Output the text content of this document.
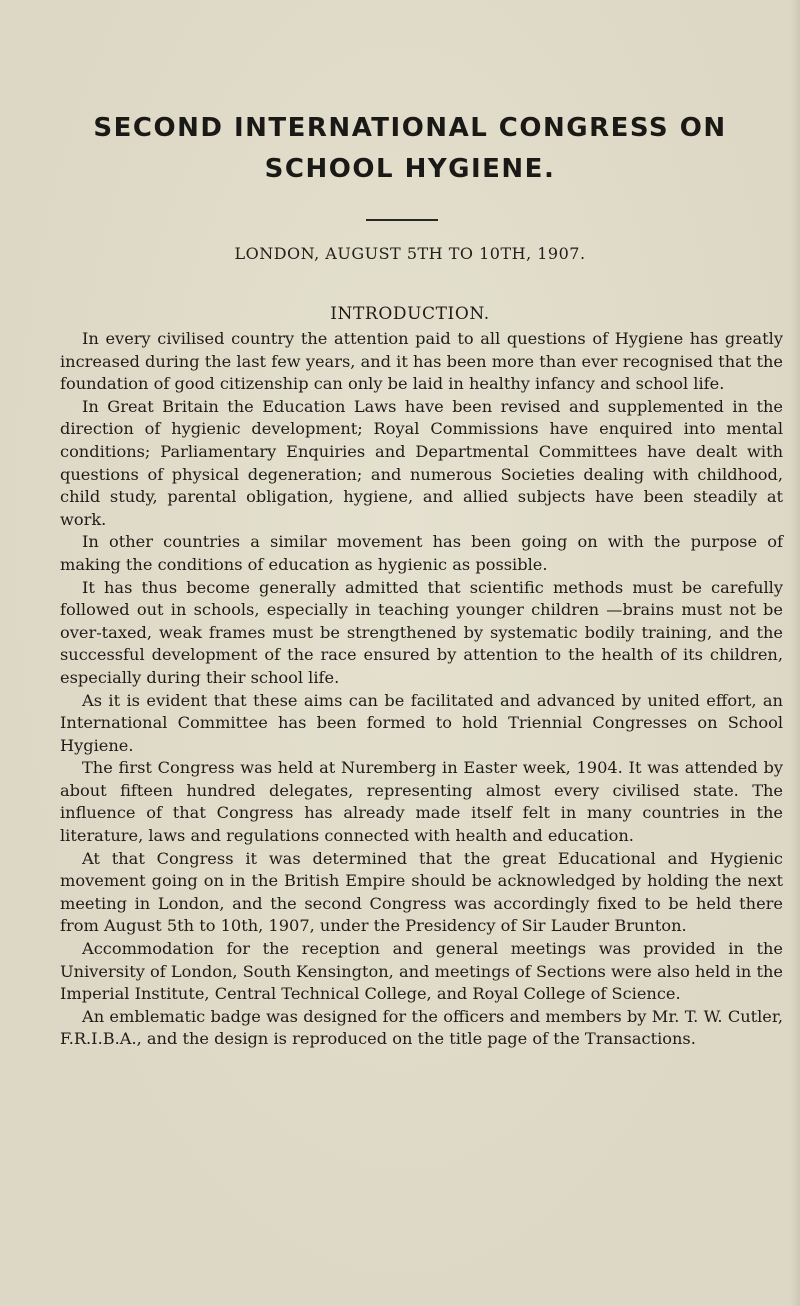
SECOND INTERNATIONAL CONGRESS ON
SCHOOL HYGIENE.
LONDON, AUGUST 5TH TO 10TH, 1907.
INTRODUCTION.

In every civilised country the attention paid to all questions of Hygiene has greatly increased during the last few years, and it has been more than ever recognised that the foundation of good citizenship can only be laid in healthy infancy and school life.

In Great Britain the Education Laws have been revised and supplemented in the direction of hygienic development; Royal Commissions have enquired into mental conditions; Parliamentary Enquiries and Departmental Committees have dealt with questions of physical degeneration; and numerous Societies dealing with childhood, child study, parental obligation, hygiene, and allied subjects have been steadily at work.

In other countries a similar movement has been going on with the purpose of making the conditions of education as hygienic as possible.

It has thus become generally admitted that scientific methods must be carefully followed out in schools, especially in teaching younger children —brains must not be over-taxed, weak frames must be strengthened by systematic bodily training, and the successful development of the race ensured by attention to the health of its children, especially during their school life.

As it is evident that these aims can be facilitated and advanced by united effort, an International Committee has been formed to hold Triennial Congresses on School Hygiene.

The first Congress was held at Nuremberg in Easter week, 1904. It was attended by about fifteen hundred delegates, representing almost every civilised state. The influence of that Congress has already made itself felt in many countries in the literature, laws and regulations connected with health and education.

At that Congress it was determined that the great Educational and Hygienic movement going on in the British Empire should be acknowledged by holding the next meeting in London, and the second Congress was accordingly fixed to be held there from August 5th to 10th, 1907, under the Presidency of Sir Lauder Brunton.

Accommodation for the reception and general meetings was provided in the University of London, South Kensington, and meetings of Sections were also held in the Imperial Institute, Central Technical College, and Royal College of Science.

An emblematic badge was designed for the officers and members by Mr. T. W. Cutler, F.R.I.B.A., and the design is reproduced on the title page of the Transactions.
